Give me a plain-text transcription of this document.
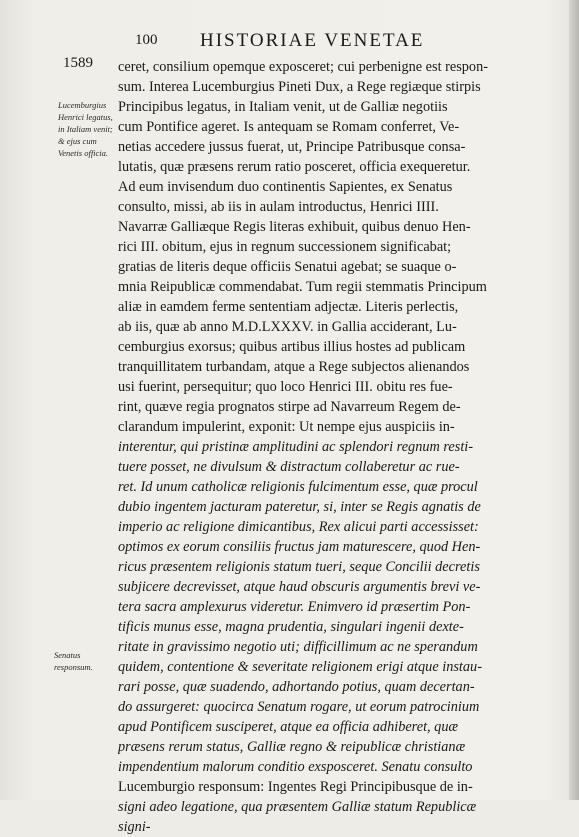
100 HISTORIAE VENETAE
1589
Lucemburgius Henrici legatus, in Italiam venit; & ejus cum Venetis officia.
Senatus responsum.
ceret, consilium opemque exposceret; cui perbenigne est respon-
sum. Interea Lucemburgius Pineti Dux, a Rege regiæque stirpis
Principibus legatus, in Italiam venit, ut de Galliæ negotiis
cum Pontifice ageret. Is antequam se Romam conferret, Ve-
netias accedere jussus fuerat, ut, Principe Patribusque consa-
lutatis, quæ præsens rerum ratio posceret, officia exequeretur.
Ad eum invisendum duo continentis Sapientes, ex Senatus
consulto, missi, ab iis in aulam introductus, Henrici IIII.
Navarræ Galliæque Regis literas exhibuit, quibus denuo Hen-
rici III. obitum, ejus in regnum successionem significabat;
gratias de literis deque officiis Senatui agebat; se suaque o-
mnia Reipublicæ commendabat. Tum regii stemmatis Principum
aliæ in eamdem ferme sententiam adjectæ. Literis perlectis,
ab iis, quæ ab anno M.D.LXXXV. in Gallia acciderant, Lu-
cemburgius exorsus; quibus artibus illius hostes ad publicam
tranquillitatem turbandam, atque a Rege subjectos alienandos
usi fuerint, persequitur; quo loco Henrici III. obitu res fue-
rint, quæve regia prognatos stirpe ad Navarreum Regem de-
clarandum impulerint, exponit: Ut nempe ejus auspiciis in-
interentur, qui pristinæ amplitudini ac splendori regnum resti-
tuere posset, ne divulsum & distractum collaberetur ac rue-
ret. Id unum catholicæ religionis fulcimentum esse, quæ procul
dubio ingentem jacturam pateretur, si, inter se Regis agnatis de
imperio ac religione dimicantibus, Rex alicui parti accessisset:
optimos ex eorum consiliis fructus jam maturescere, quod Hen-
ricus præsentem religionis statum tueri, seque Concilii decretis
subjicere decrevisset, atque haud obscuris argumentis brevi ve-
tera sacra amplexurus videretur. Enimvero id præsertim Pon-
tificis munus esse, magna prudentia, singulari ingenii dexte-
ritate in gravissimo negotio uti; difficillimum ac ne sperandum
quidem, contentione & severitate religionem erigi atque instau-
rari posse, quæ suadendo, adhortando potius, quam decertan-
do assurgeret: quocirca Senatum rogare, ut eorum patrocinium
apud Pontificem susciperet, atque ea officia adhiberet, quæ
præsens rerum status, Galliæ regno & reipublicæ christianæ
impendentium malorum conditio exsposceret. Senatu consulto
Lucemburgio responsum: Ingentes Regi Principibusque de in-
signi adeo legatione, qua præsentem Galliæ statum Republicæ
signi-
